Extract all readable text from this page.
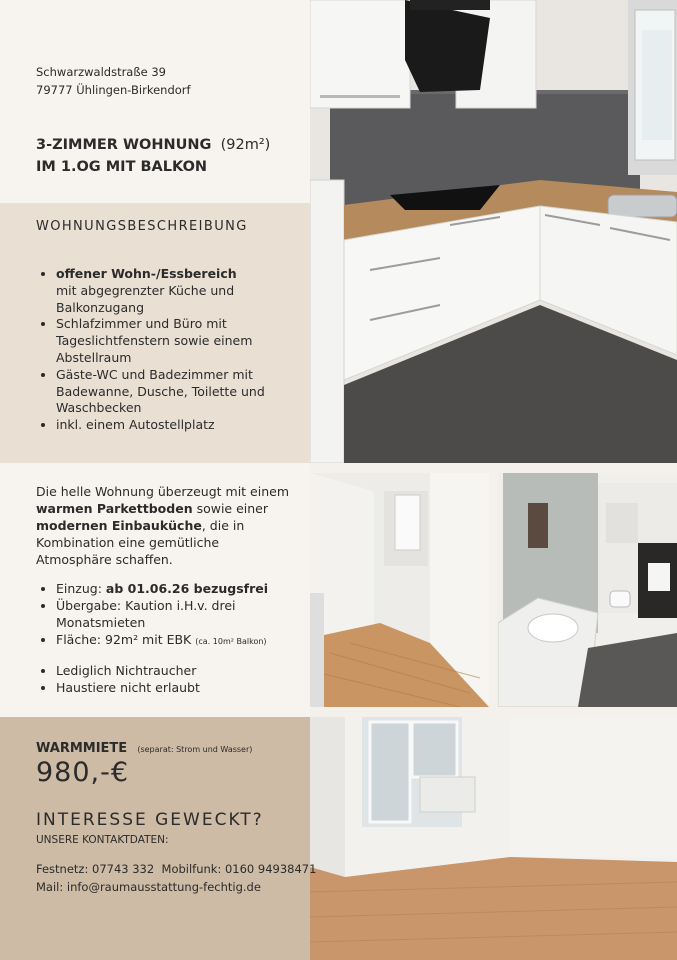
Schwarzwaldstraße 39
79777 Ühlingen-Birkendorf
3-ZIMMER WOHNUNG (92m²)
IM 1.OG MIT BALKON
WOHNUNGSBESCHREIBUNG
• offener Wohn-/Essbereich
mit abgegrenzter Küche und Balkonzugang
• Schlafzimmer und Büro mit Tageslichtfenstern sowie einem Abstellraum
• Gäste-WC und Badezimmer mit Badewanne, Dusche, Toilette und Waschbecken
• inkl. einem Autostellplatz
Die helle Wohnung überzeugt mit einem warmen Parkettboden sowie einer modernen Einbauküche, die in Kombination eine gemütliche Atmosphäre schaffen.
• Einzug: ab 01.06.26 bezugsfrei
• Übergabe: Kaution i.H.v. drei Monatsmieten
• Fläche: 92m² mit EBK (ca. 10m² Balkon)
• Lediglich Nichtraucher
• Haustiere nicht erlaubt
WARMMIETE (separat: Strom und Wasser)
980,-€
INTERESSE GEWECKT?
UNSERE KONTAKTDATEN:
Festnetz: 07743 332 Mobilfunk: 0160 94938471
Mail: info@raumausstattung-fechtig.de
